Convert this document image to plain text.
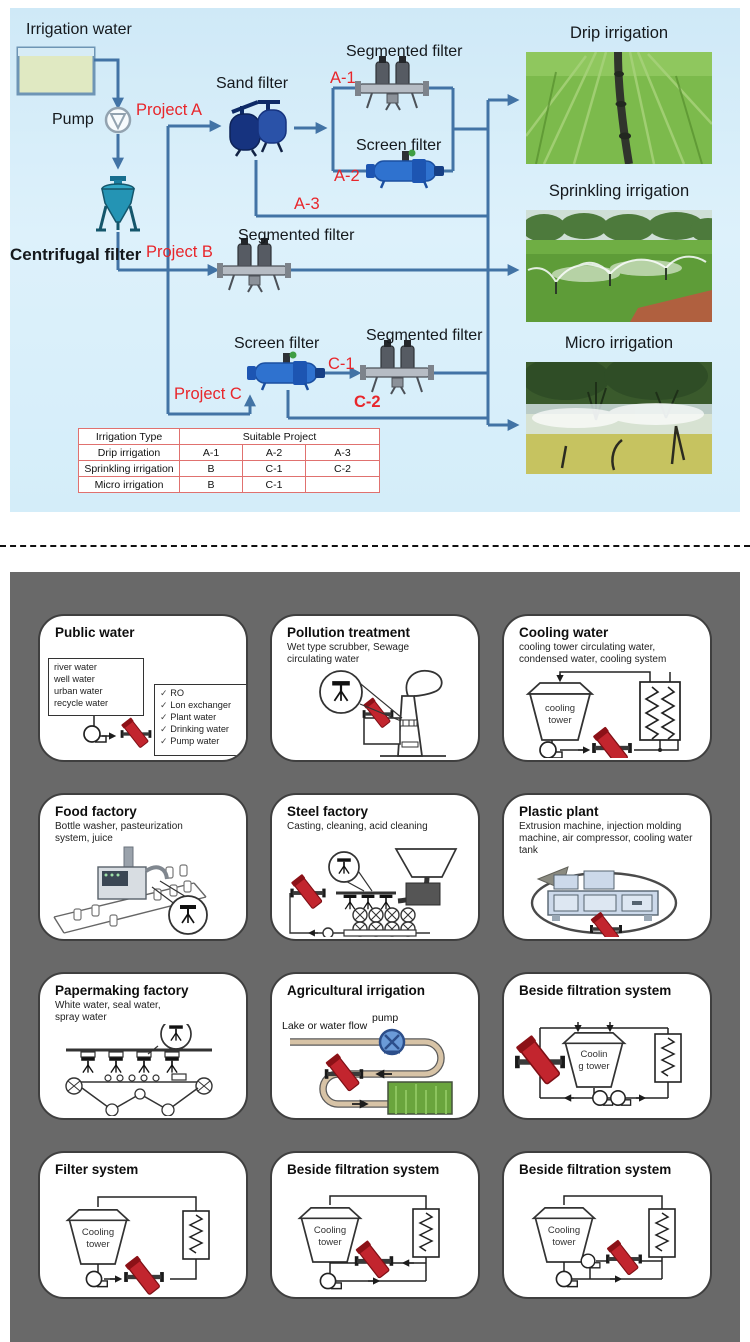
Irrigation water
Pump
Project A
Sand filter
Segmented filter
A-1
Screen filter
A-2
A-3
Centrifugal filter Project B
Segmented filter
Screen filter
C-1
Segmented filter
Project C	C-2
Drip irrigation
Sprinkling irrigation
Micro irrigation
Irrigation Type	Suitable Project		
Drip irrigation	A-1	A-2	A-3
Sprinkling irrigation	B	C-1	C-2
Micro irrigation	B	C-1	
Public water
river water
well water
urban water
recycle water
✓ RO
✓ Lon exchanger
✓ Plant water
✓ Drinking water
✓ Pump water
Pollution treatment
Wet type scrubber, Sewage circulating water
Cooling water
cooling tower circulating water, condensed water, cooling system
cooling
tower
Food factory
Bottle washer, pasteurization system, juice
Steel factory
Casting, cleaning, acid cleaning
Plastic plant
Extrusion machine, injection molding machine, air compressor, cooling water tank
Papermaking factory
White water, seal water, spray water
Agricultural irrigation
Lake or water flow
pump
Beside filtration system
Coolin
g tower
Filter system
Cooling
tower
Beside filtration system
Cooling
tower
Beside filtration system
Cooling
tower
